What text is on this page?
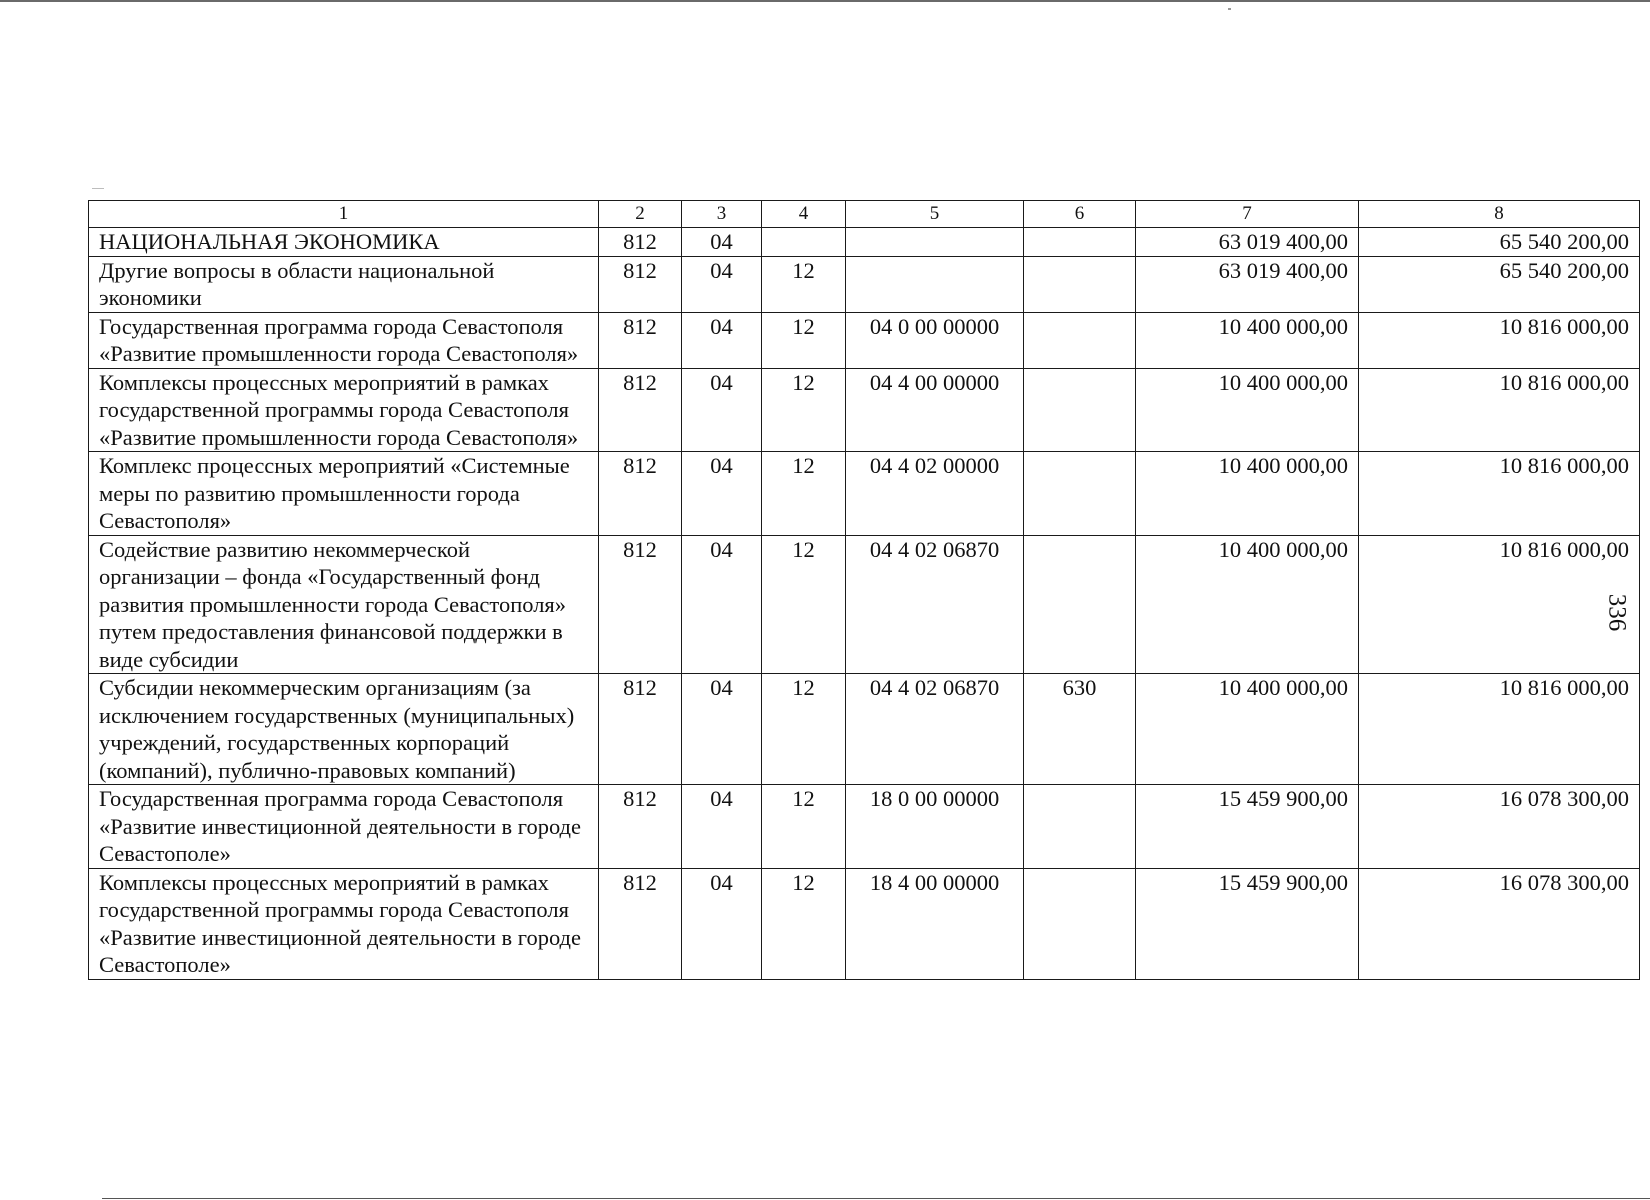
1	2	3	4	5	6	7	8
НАЦИОНАЛЬНАЯ ЭКОНОМИКА	812	04				63 019 400,00	65 540 200,00
Другие вопросы в области национальной экономики	812	04	12			63 019 400,00	65 540 200,00
Государственная программа города Севастополя «Развитие промышленности города Севастополя»	812	04	12	04 0 00 00000		10 400 000,00	10 816 000,00
Комплексы процессных мероприятий в рамках государственной программы города Севастополя «Развитие промышленности города Севастополя»	812	04	12	04 4 00 00000		10 400 000,00	10 816 000,00
Комплекс процессных мероприятий «Системные меры по развитию промышленности города Севастополя»	812	04	12	04 4 02 00000		10 400 000,00	10 816 000,00
Содействие развитию некоммерческой организации – фонда «Государственный фонд развития промышленности города Севастополя» путем предоставления финансовой поддержки в виде субсидии	812	04	12	04 4 02 06870		10 400 000,00	10 816 000,00
Субсидии некоммерческим организациям (за исключением государственных (муниципальных) учреждений, государственных корпораций (компаний), публично-правовых компаний)	812	04	12	04 4 02 06870	630	10 400 000,00	10 816 000,00
Государственная программа города Севастополя «Развитие инвестиционной деятельности в городе Севастополе»	812	04	12	18 0 00 00000		15 459 900,00	16 078 300,00
Комплексы процессных мероприятий в рамках государственной программы города Севастополя «Развитие инвестиционной деятельности в городе Севастополе»	812	04	12	18 4 00 00000		15 459 900,00	16 078 300,00
336
